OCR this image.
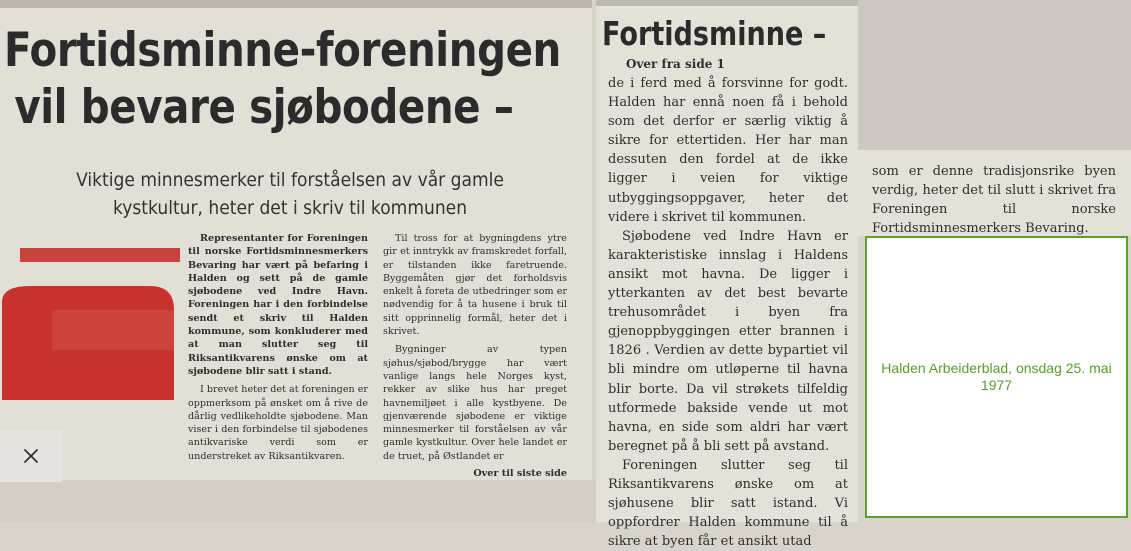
Fortidsminne-foreningen
vil bevare sjøbodene –

Viktige minnesmerker til forståelsen av vår gamle kystkultur, heter det i skriv til kommunen

Representanter for Foreningen til norske Fortidsminnesmerkers Bevaring har vært på befaring i Halden og sett på de gamle sjøbodene ved Indre Havn. Foreningen har i den forbindelse sendt et skriv til Halden kommune, som konkluderer med at man slutter seg til Riksantikvarens ønske om at sjøbodene blir satt i stand.

I brevet heter det at foreningen er oppmerksom på ønsket om å rive de dårlig vedlikeholdte sjøbodene. Man viser i den forbindelse til sjøbodenes antikvariske verdi som er understreket av Riksantikvaren.

Til tross for at bygningdens ytre gir et inntrykk av framskredet forfall, er tilstanden ikke faretruende. Byggemåten gjør det forholdsvis enkelt å foreta de utbedringer som er nødvendig for å ta husene i bruk til sitt opprinnelig formål, heter det i skrivet.

Bygninger av typen sjøhus/sjøbod/brygge har vært vanlige langs hele Norges kyst, rekker av slike hus har preget havnemiljøet i alle kystbyene. De gjenværende sjøbodene er viktige minnesmerker til forståelsen av vår gamle kystkultur. Over hele landet er de truet, på Østlandet er

Over til siste side

Fortidsminne –
Over fra side 1

de i ferd med å forsvinne for godt. Halden har ennå noen få i behold som det derfor er særlig viktig å sikre for ettertiden. Her har man dessuten den fordel at de ikke ligger i veien for viktige utbyggingsoppgaver, heter det videre i skrivet til kommunen.

Sjøbodene ved Indre Havn er karakteristiske innslag i Haldens ansikt mot havna. De ligger i ytterkanten av det best bevarte trehusområdet i byen fra gjenoppbyggingen etter brannen i 1826 . Verdien av dette bypartiet vil bli mindre om utløperne til havna blir borte. Da vil strøkets tilfeldig utformede bakside vende ut mot havna, en side som aldri har vært beregnet på å bli sett på avstand.

Foreningen slutter seg til Riksantikvarens ønske om at sjøhusene blir satt istand. Vi oppfordrer Halden kommune til å sikre at byen får et ansikt utad

som er denne tradisjonsrike byen verdig, heter det til slutt i skrivet fra Foreningen til norske Fortidsminnesmerkers Bevaring.

Halden Arbeiderblad, onsdag 25. mai 1977
